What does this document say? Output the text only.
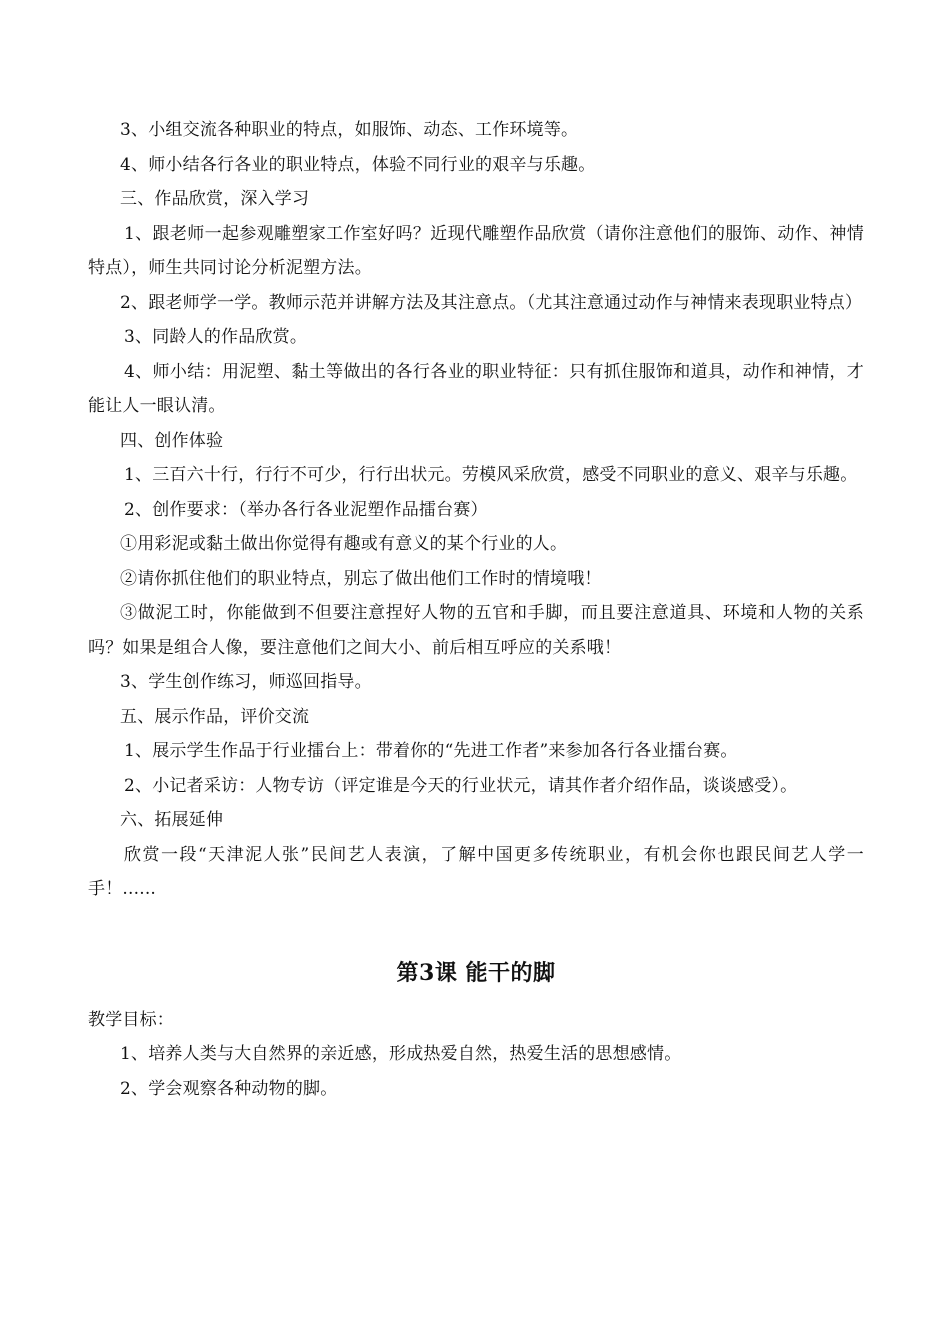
3、小组交流各种职业的特点，如服饰、动态、工作环境等。

4、师小结各行各业的职业特点，体验不同行业的艰辛与乐趣。

三、作品欣赏，深入学习

1、跟老师一起参观雕塑家工作室好吗？近现代雕塑作品欣赏（请你注意他们的服饰、动作、神情特点），师生共同讨论分析泥塑方法。

2、跟老师学一学。教师示范并讲解方法及其注意点。（尤其注意通过动作与神情来表现职业特点）

3、同龄人的作品欣赏。

4、师小结：用泥塑、黏土等做出的各行各业的职业特征：只有抓住服饰和道具，动作和神情，才能让人一眼认清。

四、创作体验

1、三百六十行，行行不可少，行行出状元。劳模风采欣赏，感受不同职业的意义、艰辛与乐趣。

2、创作要求：（举办各行各业泥塑作品擂台赛）

①用彩泥或黏土做出你觉得有趣或有意义的某个行业的人。

②请你抓住他们的职业特点，别忘了做出他们工作时的情境哦！

③做泥工时，你能做到不但要注意捏好人物的五官和手脚，而且要注意道具、环境和人物的关系吗？如果是组合人像，要注意他们之间大小、前后相互呼应的关系哦！

3、学生创作练习，师巡回指导。

五、展示作品，评价交流

1、展示学生作品于行业擂台上：带着你的“先进工作者”来参加各行各业擂台赛。

2、小记者采访：人物专访（评定谁是今天的行业状元，请其作者介绍作品，谈谈感受）。

六、拓展延伸

欣赏一段“天津泥人张”民间艺人表演，了解中国更多传统职业，有机会你也跟民间艺人学一手！......

第3课 能干的脚

教学目标：

1、培养人类与大自然界的亲近感，形成热爱自然，热爱生活的思想感情。

2、学会观察各种动物的脚。
